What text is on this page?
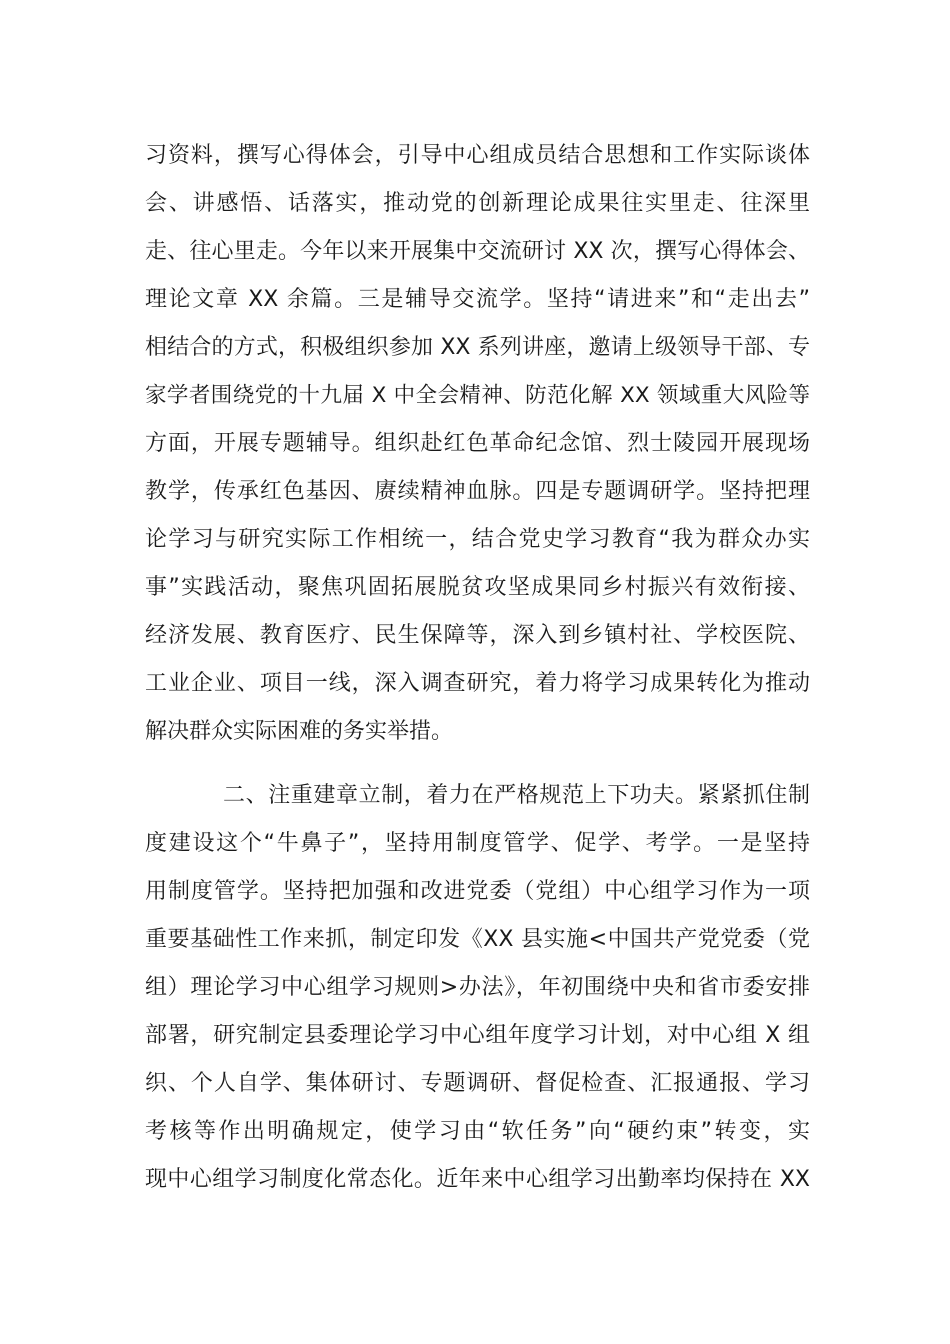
习资料，撰写心得体会，引导中心组成员结合思想和工作实际谈体
会、讲感悟、话落实，推动党的创新理论成果往实里走、往深里
走、往心里走。今年以来开展集中交流研讨 XX 次，撰写心得体会、
理论文章 XX 余篇。三是辅导交流学。坚持“请进来”和“走出去”
相结合的方式，积极组织参加 XX 系列讲座，邀请上级领导干部、专
家学者围绕党的十九届 X 中全会精神、防范化解 XX 领域重大风险等
方面，开展专题辅导。组织赴红色革命纪念馆、烈士陵园开展现场
教学，传承红色基因、赓续精神血脉。四是专题调研学。坚持把理
论学习与研究实际工作相统一，结合党史学习教育“我为群众办实
事”实践活动，聚焦巩固拓展脱贫攻坚成果同乡村振兴有效衔接、
经济发展、教育医疗、民生保障等，深入到乡镇村社、学校医院、
工业企业、项目一线，深入调查研究，着力将学习成果转化为推动
解决群众实际困难的务实举措。
二、注重建章立制，着力在严格规范上下功夫。紧紧抓住制
度建设这个“牛鼻子”，坚持用制度管学、促学、考学。一是坚持
用制度管学。坚持把加强和改进党委（党组）中心组学习作为一项
重要基础性工作来抓，制定印发《XX 县实施<中国共产党党委（党
组）理论学习中心组学习规则>办法》，年初围绕中央和省市委安排
部署，研究制定县委理论学习中心组年度学习计划，对中心组 X 组
织、个人自学、集体研讨、专题调研、督促检查、汇报通报、学习
考核等作出明确规定，使学习由“软任务”向“硬约束”转变，实
现中心组学习制度化常态化。近年来中心组学习出勤率均保持在 XX
